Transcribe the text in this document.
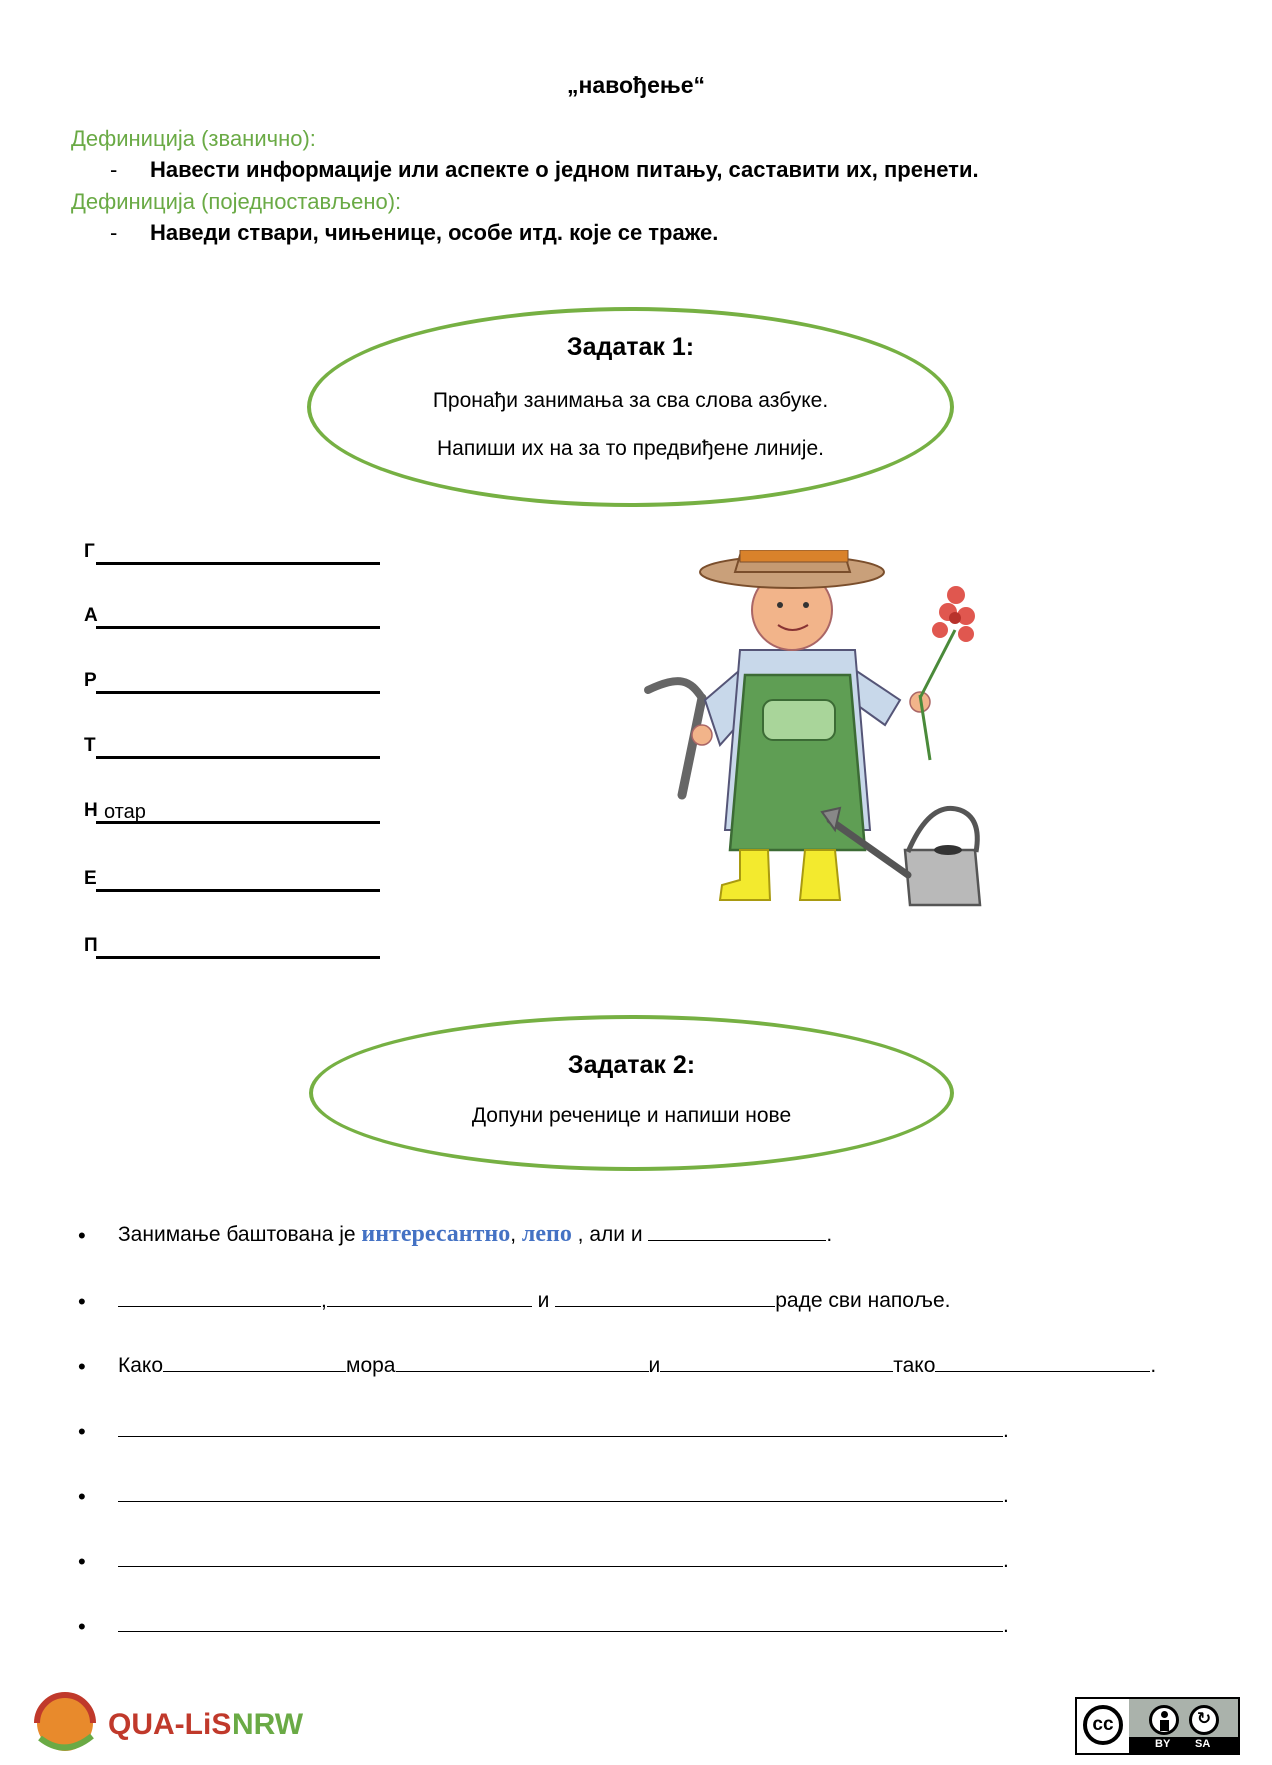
„навођење“
Дефиниција (званично):
- Навести информације или аспекте о једном питању, саставити их, пренети.
Дефиниција (поједностављено):
- Наведи ствари, чињенице, особе итд. које се траже.
Задатак 1:
Пронађи занимања за сва слова азбуке.
Напиши их на за то предвиђене линије.
Г
А
Р
Т
Н отар
Е
П
Задатак 2:
Допуни реченице и напиши нове
• Занимање баштована је интересантно, лепо , али и	.
•	,	и	раде сви напоље.
• Како	мора	и	тако	.
•	.
•	.
•	.
•	.
QUA-LiS NRW	cc	↻
BY SA
